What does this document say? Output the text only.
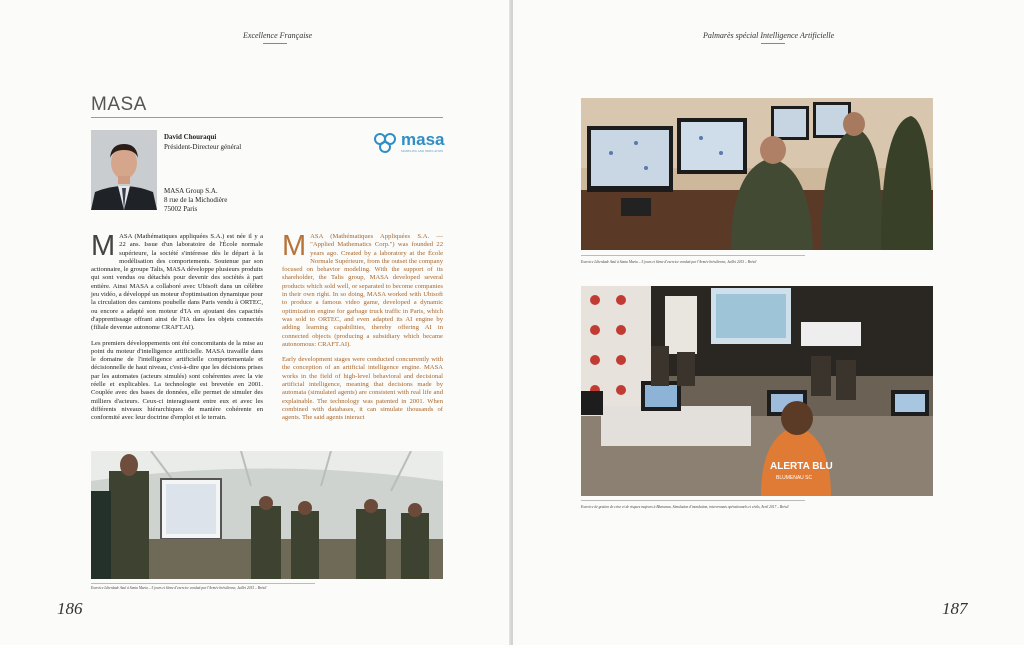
Excellence Française
MASA
David Chouraqui
Président-Directeur général
MASA Group S.A.
8 rue de la Michodière
75002 Paris
masa
MODELING AND SIMULATION

MASA (Mathématiques appliquées S.A.) est née il y a 22 ans. Issue d'un laboratoire de l'École normale supérieure, la société s'intéresse dès le départ à la modélisation des comportements. Soutenue par son actionnaire, le groupe Talis, MASA développe plusieurs produits qui sont vendus ou détachés pour devenir des sociétés à part entière. Ainsi MASA a collaboré avec Ubisoft dans un célèbre jeu vidéo, a développé un moteur d'optimisation dynamique pour la circulation des camions poubelle dans Paris vendu à ORTEC, ou encore a adapté son moteur d'IA en ajoutant des capacités d'apprentissage offrant ainsi de l'IA dans les objets connectés (filiale devenue autonome CRAFT.AI).

Les premiers développements ont été concomitants de la mise au point du moteur d'intelligence artificielle. MASA travaille dans le domaine de l'intelligence artificielle comportementale et décisionnelle de haut niveau, c'est-à-dire que les décisions prises par les automates (acteurs simulés) sont cohérentes avec la vie réelle et explicables. La technologie est brevetée en 2001. Couplée avec des bases de données, elle permet de simuler des milliers d'acteurs. Ceux-ci interagissent entre eux et avec les différents niveaux hiérarchiques de manière cohérente en conformité avec leur doctrine d'emploi et le terrain.

MASA (Mathématiques Appliquées S.A. — "Applied Mathematics Corp.") was founded 22 years ago. Created by a laboratory at the École Normale Supérieure, from the outset the company focused on behavior modeling. With the support of its shareholder, the Talis group, MASA developed several products which sold well, or separated to become companies in their own right. In so doing, MASA worked with Ubisoft to produce a famous video game, developed a dynamic optimization engine for garbage truck traffic in Paris, which was sold to ORTEC, and even adapted its AI engine by adding learning capabilities, thereby offering AI in connected objects (producing a subsidiary which became autonomous: CRAFT.AI).

Early development stages were conducted concurrently with the conception of an artificial intelligence engine. MASA works in the field of high-level behavioral and decisional artificial intelligence, meaning that decisions made by automata (simulated agents) are consistent with real life and explainable. The technology was patented in 2001. When combined with databases, it can simulate thousands of agents. The said agents interact

Exercice Liberdade Azul à Santa Maria – 5 jours et 6ème d'exercice conduit par l'Armée brésilienne, Juillet 2015 – Brésil
186
Palmarès spécial Intelligence Artificielle
Exercice Liberdade Azul à Santa Maria – 5 jours et 6ème d'exercice conduit par l'Armée brésilienne, Juillet 2015 – Brésil
ALERTA BLU
BLUMENAU SC
Exercice de gestion de crise et de risques majeurs à Blumenau. Simulation d'inondation, intervenants opérationnels et civils, Avril 2017 – Brésil
187
